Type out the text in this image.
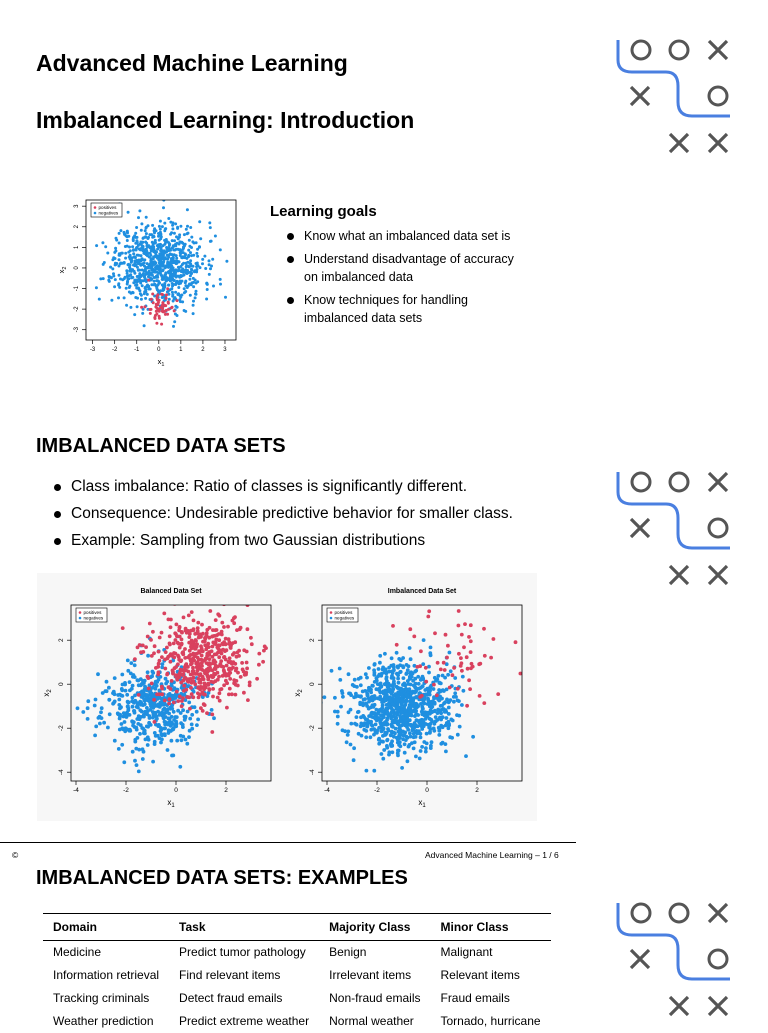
Advanced Machine Learning
Imbalanced Learning: Introduction
-3	-2	-1	0	1	2	3
-3
-2
-1
0
1
2
3
$x_1$
$x_2$
positives
negatives	Learning goals
Know what an imbalanced data set is
Understand disadvantage of accuracy on imbalanced data
Know techniques for handling imbalanced data sets
IMBALANCED DATA SETS
Class imbalance: Ratio of classes is significantly different.
Consequence: Undesirable predictive behavior for smaller class.
Example: Sampling from two Gaussian distributions
Balanced Data Set
-4	-2	0	2
-4
-2
0
2
$x_1$
$x_2$
positives
negatives
Imbalanced Data Set
-4	-2	0	2
-4
-2
0
2
$x_1$
$x_2$
positives
negatives
©	Advanced Machine Learning – 1 / 6
IMBALANCED DATA SETS: EXAMPLES
Domain	Task	Majority Class	Minor Class
Medicine	Predict tumor pathology	Benign	Malignant
Information retrieval	Find relevant items	Irrelevant items	Relevant items
Tracking criminals	Detect fraud emails	Non-fraud emails	Fraud emails
Weather prediction	Predict extreme weather	Normal weather	Tornado, hurricane
